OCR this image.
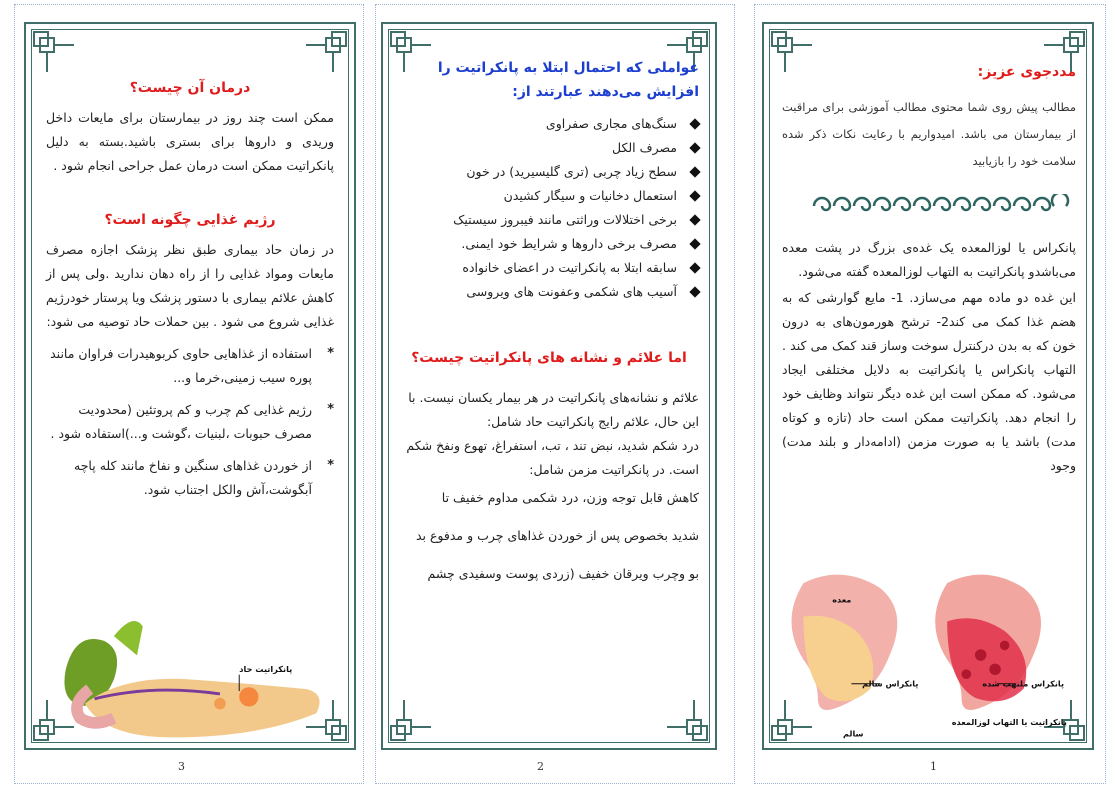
درمان آن چیست؟

ممکن است چند روز در بیمارستان برای مایعات داخل وریدی و داروها برای بستری باشید.بسته به دلیل پانکراتیت ممکن است درمان عمل جراحی انجام شود .

رژیم غذایی چگونه است؟

در زمان حاد بیماری طبق نظر پزشک اجازه مصرف مایعات ومواد غذایی را از راه دهان ندارید .ولی پس از کاهش علائم بیماری با دستور پزشک ویا پرستار خودرژیم غذایی شروع می شود . بین حملات حاد توصیه می شود:

*
استفاده از غذاهایی حاوی کربوهیدرات فراوان مانند پوره سیب زمینی،خرما و...
*
رژیم غذایی کم چرب و کم پروتئین (محدودیت مصرف حبوبات ،لبنیات ،گوشت و...)استفاده شود .
*
از خوردن غذاهای سنگین و نفاخ مانند کله پاچه آبگوشت،آش والکل اجتناب شود.
پانکراتیت حاد
عواملی که احتمال ابتلا به پانکراتیت را افزایش می‌دهند عبارتند از:
سنگ‌های مجاری صفراوی
مصرف الکل
سطح زیاد چربی (تری گلیسیرید) در خون
استعمال دخانیات و سیگار کشیدن
برخی اختلالات وراثتی مانند فیبروز سیستیک
مصرف برخی داروها و شرایط خود ایمنی.
سابقه ابتلا به پانکراتیت در اعضای خانواده
آسیب های شکمی وعفونت های ویروسی
اما علائم و نشانه های پانکراتیت چیست؟

علائم و نشانه‌های پانکراتیت در هر بیمار یکسان نیست. با این حال، علائم رایج پانکراتیت حاد شامل:

درد شکم شدید، نبض تند ، تب، استفراغ، تهوع ونفخ شکم است. در پانکراتیت مزمن شامل:

کاهش قابل توجه وزن، درد شکمی مداوم خفیف تا

شدید بخصوص پس از خوردن غذاهای چرب و مدفوع بد

بو وچرب ویرقان خفیف (زردی پوست وسفیدی چشم

مددجوی عزیز:

مطالب پیش روی شما محتوی مطالب آموزشی برای مراقبت از بیمارستان می باشد. امیدواریم با رعایت نکات ذکر شده سلامت خود را بازیابید

پانکراس یا لوزالمعده یک غده‌ی بزرگ در پشت معده می‌باشدو پانکراتیت به التهاب لوزالمعده گفته می‌شود.

این غده دو ماده مهم می‌سازد. 1- مایع گوارشی که به هضم غذا کمک می کند2- ترشح هورمون‌های به درون خون که به بدن درکنترل سوخت وساز قند کمک می کند . التهاب پانکراس یا پانکراتیت به دلایل مختلفی ایجاد می‌شود. که ممکن است این غده دیگر نتواند وظایف خود را انجام دهد. پانکراتیت ممکن است حاد (تازه و کوتاه مدت) باشد یا به صورت مزمن (ادامه‌دار و بلند مدت) وجود

معده
پانکراس سالم	پانکراس ملتهب شده
سالم
پانکراتیت یا التهاب لوزالمعده
3	2	1
